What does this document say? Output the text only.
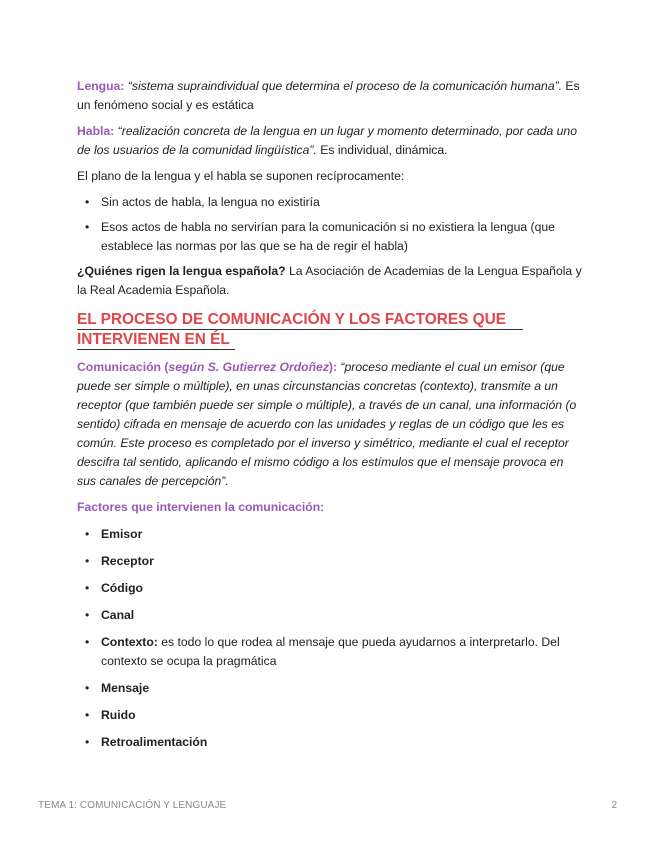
Lengua: “sistema supraindividual que determina el proceso de la comunicación humana”. Es un fenómeno social y es estática

Habla: “realización concreta de la lengua en un lugar y momento determinado, por cada uno de los usuarios de la comunidad lingüística”. Es individual, dinámica.

El plano de la lengua y el habla se suponen recíprocamente:

• Sin actos de habla, la lengua no existiría
• Esos actos de habla no servirían para la comunicación si no existiera la lengua (que establece las normas por las que se ha de regir el habla)

¿Quiénes rigen la lengua española? La Asociación de Academias de la Lengua Española y la Real Academia Española.

EL PROCESO DE COMUNICACIÓN Y LOS FACTORES QUE
INTERVIENEN EN ÉL

Comunicación (según S. Gutierrez Ordoñez): “proceso mediante el cual un emisor (que puede ser simple o múltiple), en unas circunstancias concretas (contexto), transmite a un receptor (que también puede ser simple o múltiple), a través de un canal, una información (o sentido) cifrada en mensaje de acuerdo con las unidades y reglas de un código que les es común. Este proceso es completado por el inverso y simétrico, mediante el cual el receptor descifra tal sentido, aplicando el mismo código a los estímulos que el mensaje provoca en sus canales de percepción”.

Factores que intervienen la comunicación:

• Emisor
• Receptor
• Código
• Canal
• Contexto: es todo lo que rodea al mensaje que pueda ayudarnos a interpretarlo. Del contexto se ocupa la pragmática
• Mensaje
• Ruido
• Retroalimentación
TEMA 1: COMUNICACIÓN Y LENGUAJE	2
